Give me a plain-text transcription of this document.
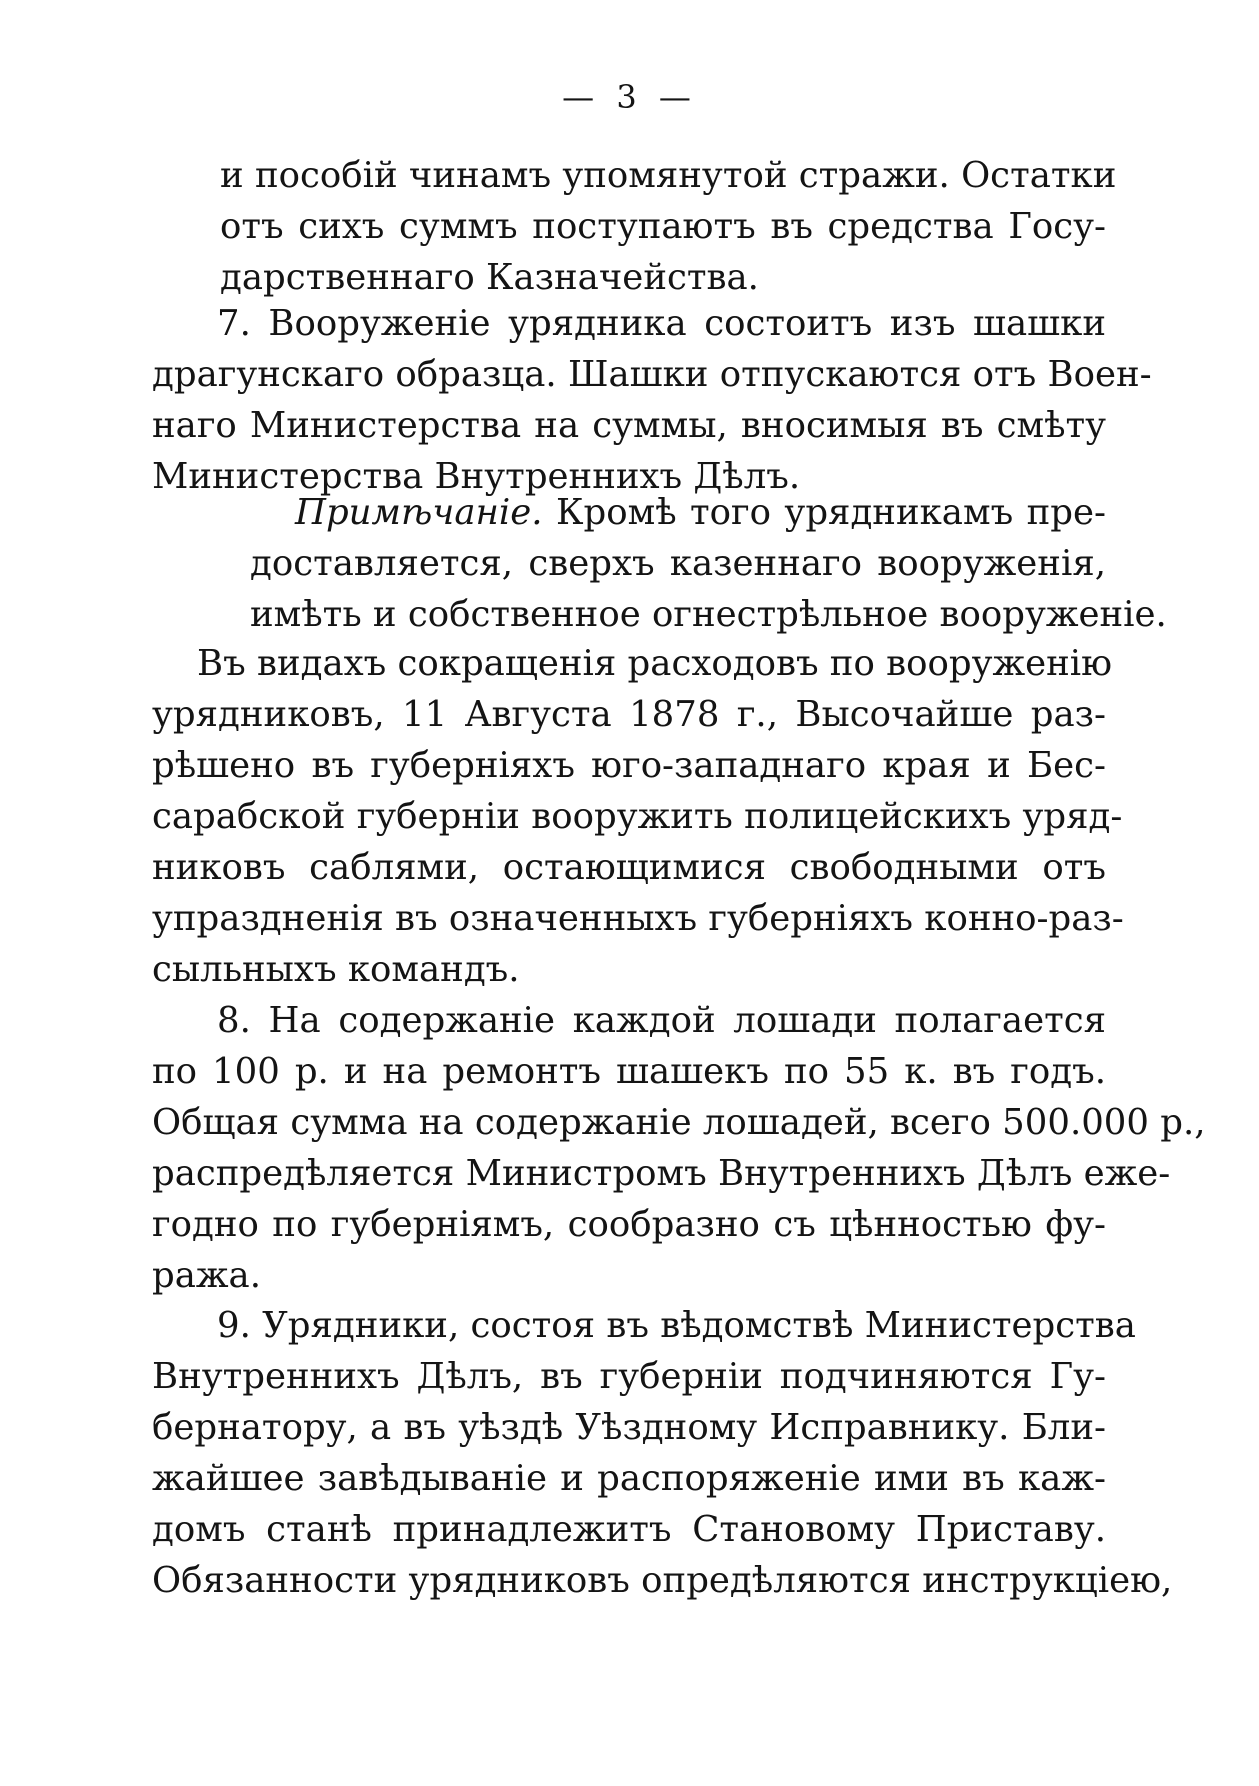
— 3 —
и пособій чинамъ упомянутой стражи. Остатки
отъ сихъ суммъ поступаютъ въ средства Госу-
дарственнаго Казначейства.
7. Вооруженіе урядника состоитъ изъ шашки
драгунскаго образца. Шашки отпускаются отъ Воен-
наго Министерства на суммы, вносимыя въ смѣту
Министерства Внутреннихъ Дѣлъ.
Примѣчаніе. Кромѣ того урядникамъ пре-
доставляется, сверхъ казеннаго вооруженія,
имѣть и собственное огнестрѣльное вооруженіе.
Въ видахъ сокращенія расходовъ по вооруженію
урядниковъ, 11 Августа 1878 г., Высочайше раз-
рѣшено въ губерніяхъ юго-западнаго края и Бес-
сарабской губерніи вооружить полицейскихъ уряд-
никовъ саблями, остающимися свободными отъ
упраздненія въ означенныхъ губерніяхъ конно-раз-
сыльныхъ командъ.
8. На содержаніе каждой лошади полагается
по 100 р. и на ремонтъ шашекъ по 55 к. въ годъ.
Общая сумма на содержаніе лошадей, всего 500.000 р.,
распредѣляется Министромъ Внутреннихъ Дѣлъ еже-
годно по губерніямъ, сообразно съ цѣнностью фу-
ража.
9. Урядники, состоя въ вѣдомствѣ Министерства
Внутреннихъ Дѣлъ, въ губерніи подчиняются Гу-
бернатору, а въ уѣздѣ Уѣздному Исправнику. Бли-
жайшее завѣдываніе и распоряженіе ими въ каж-
домъ станѣ принадлежитъ Становому Приставу.
Обязанности урядниковъ опредѣляются инструкціею,
